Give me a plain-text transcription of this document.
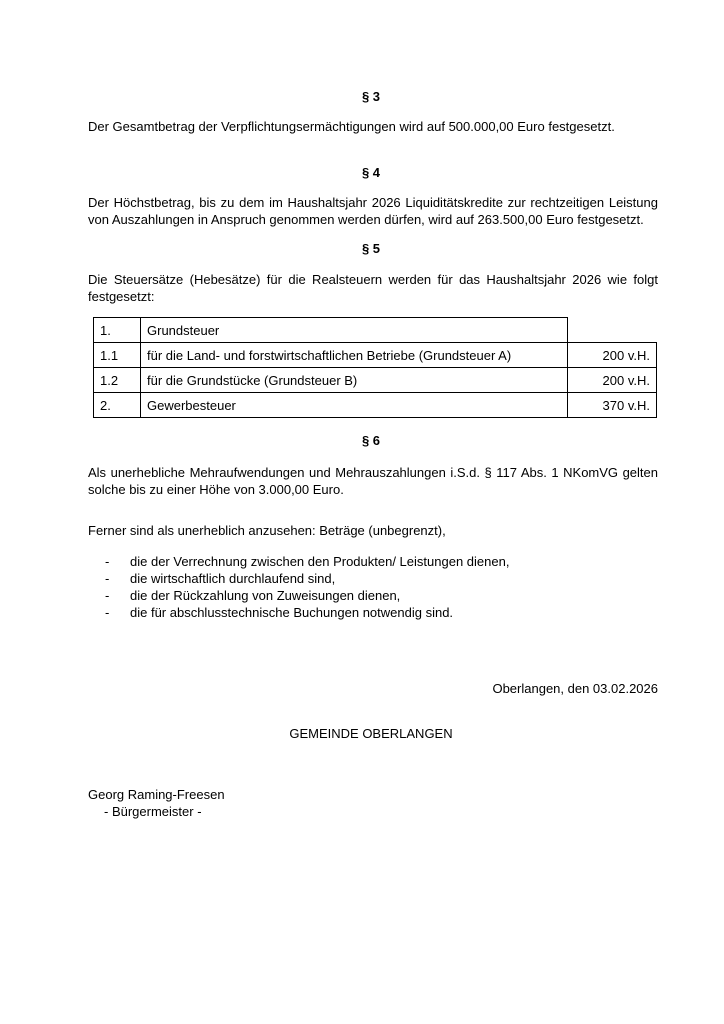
§ 3
Der Gesamtbetrag der Verpflichtungsermächtigungen wird auf 500.000,00 Euro festgesetzt.
§ 4
Der Höchstbetrag, bis zu dem im Haushaltsjahr 2026 Liquiditätskredite zur rechtzeitigen Leistung
von Auszahlungen in Anspruch genommen werden dürfen, wird auf 263.500,00 Euro festgesetzt.
§ 5
Die Steuersätze (Hebesätze) für die Realsteuern werden für das Haushaltsjahr 2026 wie folgt
festgesetzt:
1.	Grundsteuer	
1.1	für die Land- und forstwirtschaftlichen Betriebe (Grundsteuer A)	200 v.H.
1.2	für die Grundstücke (Grundsteuer B)	200 v.H.
2.	Gewerbesteuer	370 v.H.
§ 6
Als unerhebliche Mehraufwendungen und Mehrauszahlungen i.S.d. § 117 Abs. 1 NKomVG gelten
solche bis zu einer Höhe von 3.000,00 Euro.
Ferner sind als unerheblich anzusehen: Beträge (unbegrenzt),
- die der Verrechnung zwischen den Produkten/ Leistungen dienen,
- die wirtschaftlich durchlaufend sind,
- die der Rückzahlung von Zuweisungen dienen,
- die für abschlusstechnische Buchungen notwendig sind.
Oberlangen, den 03.02.2026
GEMEINDE OBERLANGEN
Georg Raming-Freesen
- Bürgermeister -
